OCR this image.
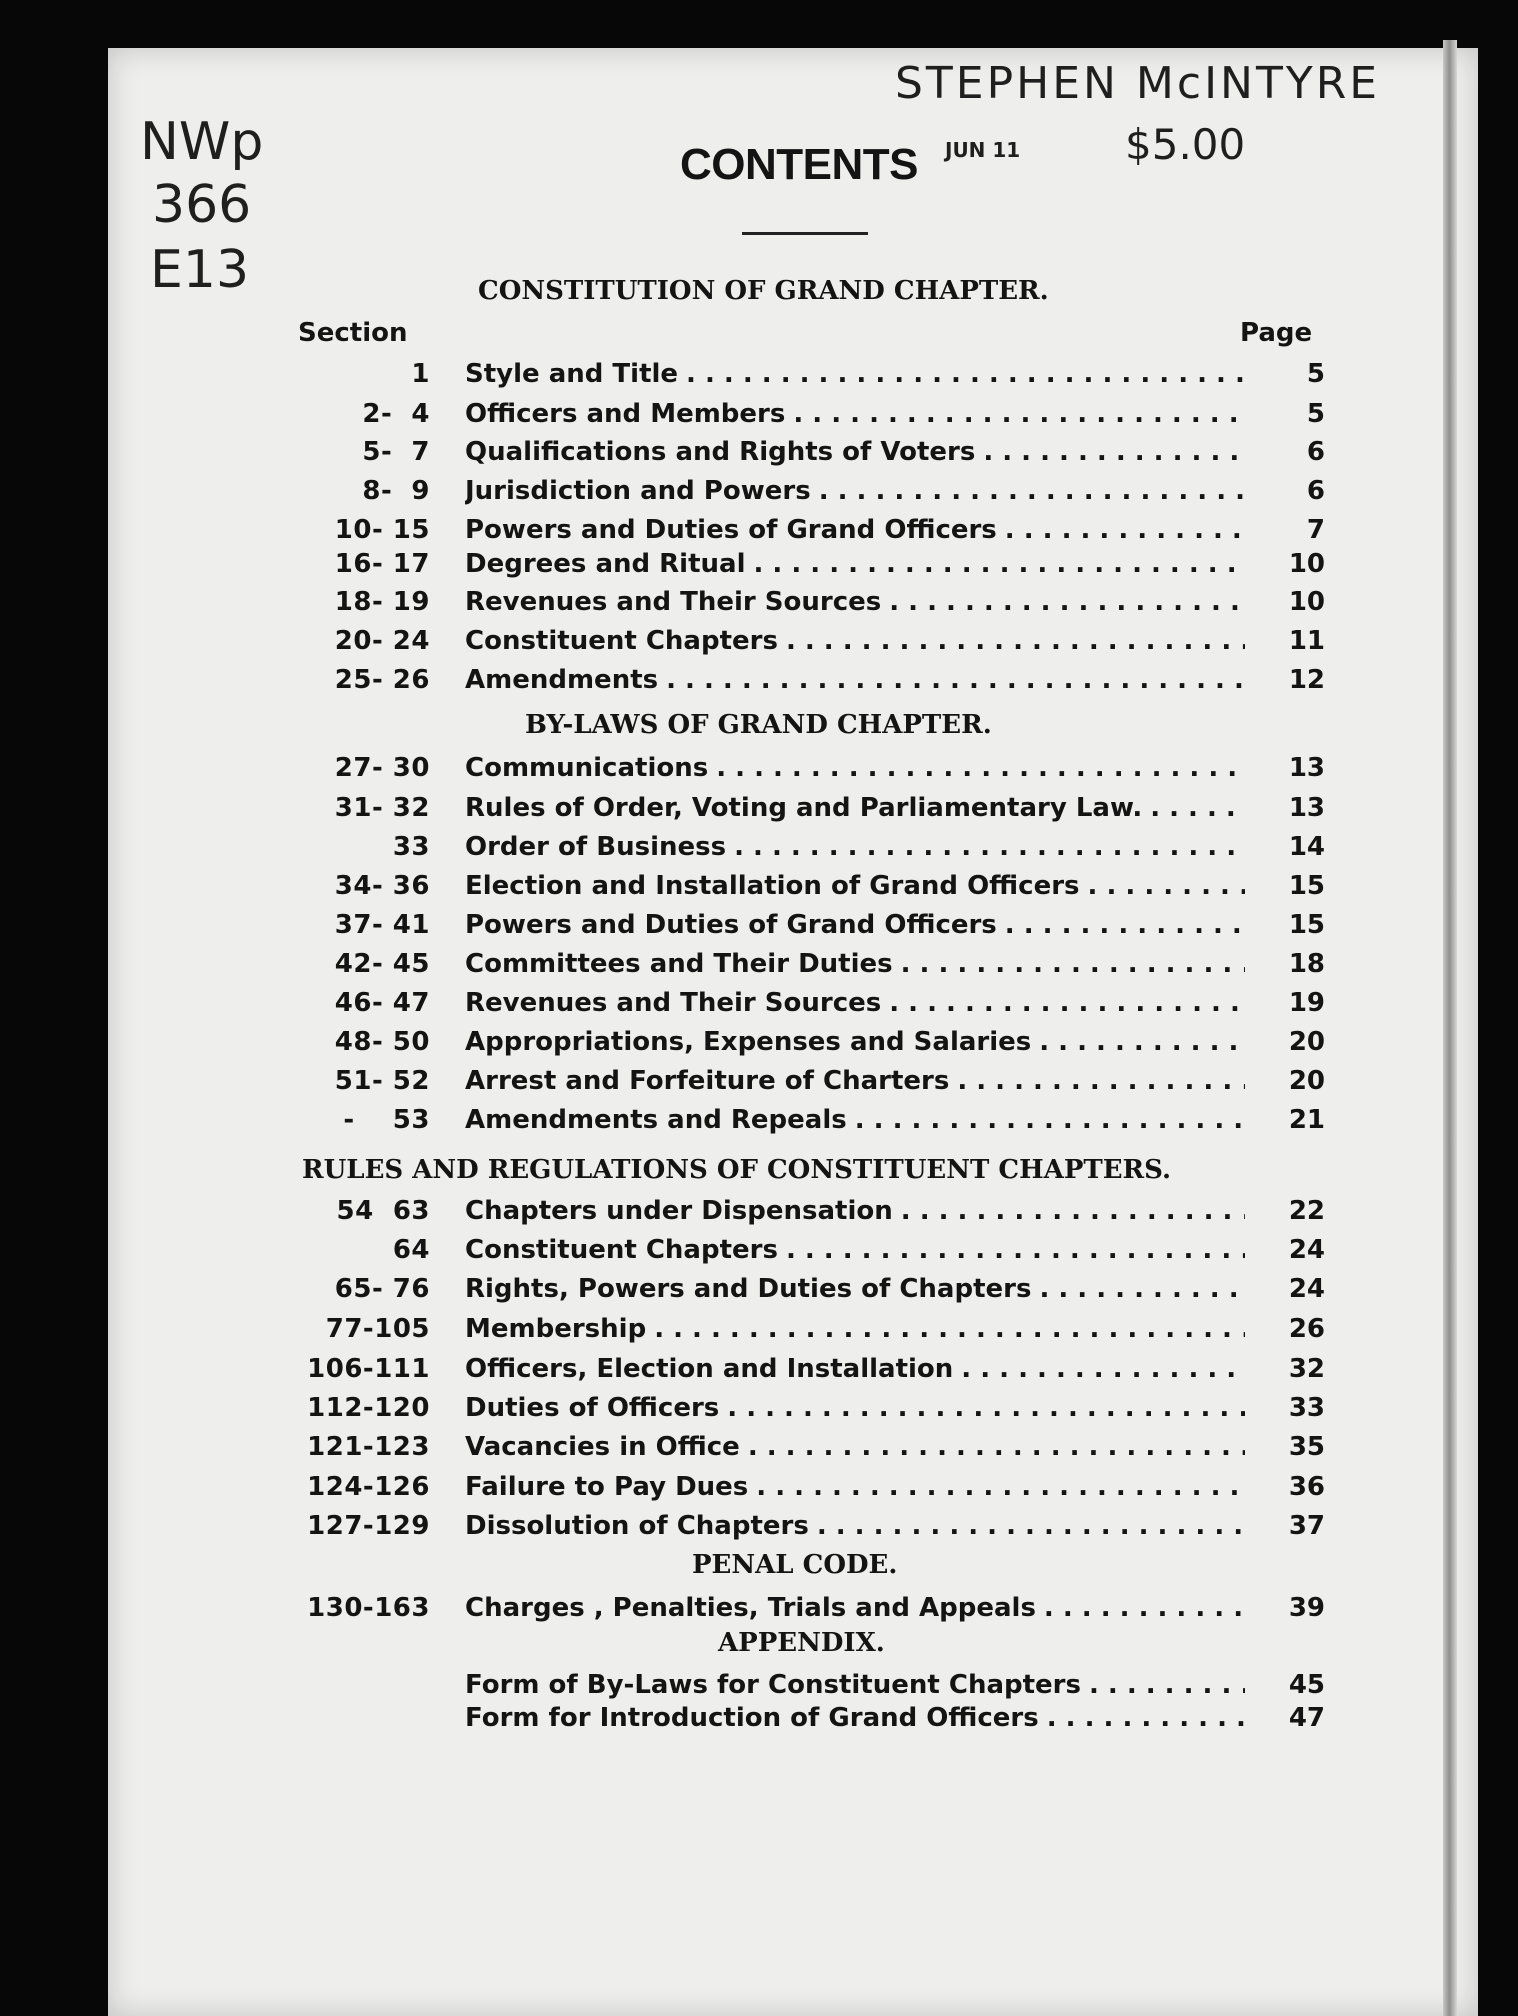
NWp
366
E13
STEPHEN McINTYRE
JUN 11 $5.00
CONTENTS
CONSTITUTION OF GRAND CHAPTER.
Section	Page
BY-LAWS OF GRAND CHAPTER.
RULES AND REGULATIONS OF CONSTITUENT CHAPTERS.
PENAL CODE.
APPENDIX.
1 Style and Title . . .	5
2-  4 Officers and Members . . .	5
5-  7 Qualifications and Rights of Voters . . .	6
8-  9 Jurisdiction and Powers . . .	6
10- 15 Powers and Duties of Grand Officers . . .	7
16- 17 Degrees and Ritual . . .	10
18- 19 Revenues and Their Sources . . .	10
20- 24 Constituent Chapters . . .	11
25- 26 Amendments . . .	12
27- 30 Communications . . .	13
31- 32 Rules of Order, Voting and Parliamentary Law. . . .	13
33 Order of Business . . .	14
34- 36 Election and Installation of Grand Officers . . .	15
37- 41 Powers and Duties of Grand Officers . . .	15
42- 45 Committees and Their Duties . . .	18
46- 47 Revenues and Their Sources . . .	19
48- 50 Appropriations, Expenses and Salaries . . .	20
51- 52 Arrest and Forfeiture of Charters . . .	20
-    53 Amendments and Repeals . . .	21
54  63 Chapters under Dispensation . . .	22
64 Constituent Chapters . . .	24
65- 76 Rights, Powers and Duties of Chapters . . .	24
77-105 Membership . . .	26
106-111 Officers, Election and Installation . . .	32
112-120 Duties of Officers . . .	33
121-123 Vacancies in Office . . .	35
124-126 Failure to Pay Dues . . .	36
127-129 Dissolution of Chapters . . .	37
130-163 Charges , Penalties, Trials and Appeals . . .	39
Form of By-Laws for Constituent Chapters . . .	45
Form for Introduction of Grand Officers . . .	47
